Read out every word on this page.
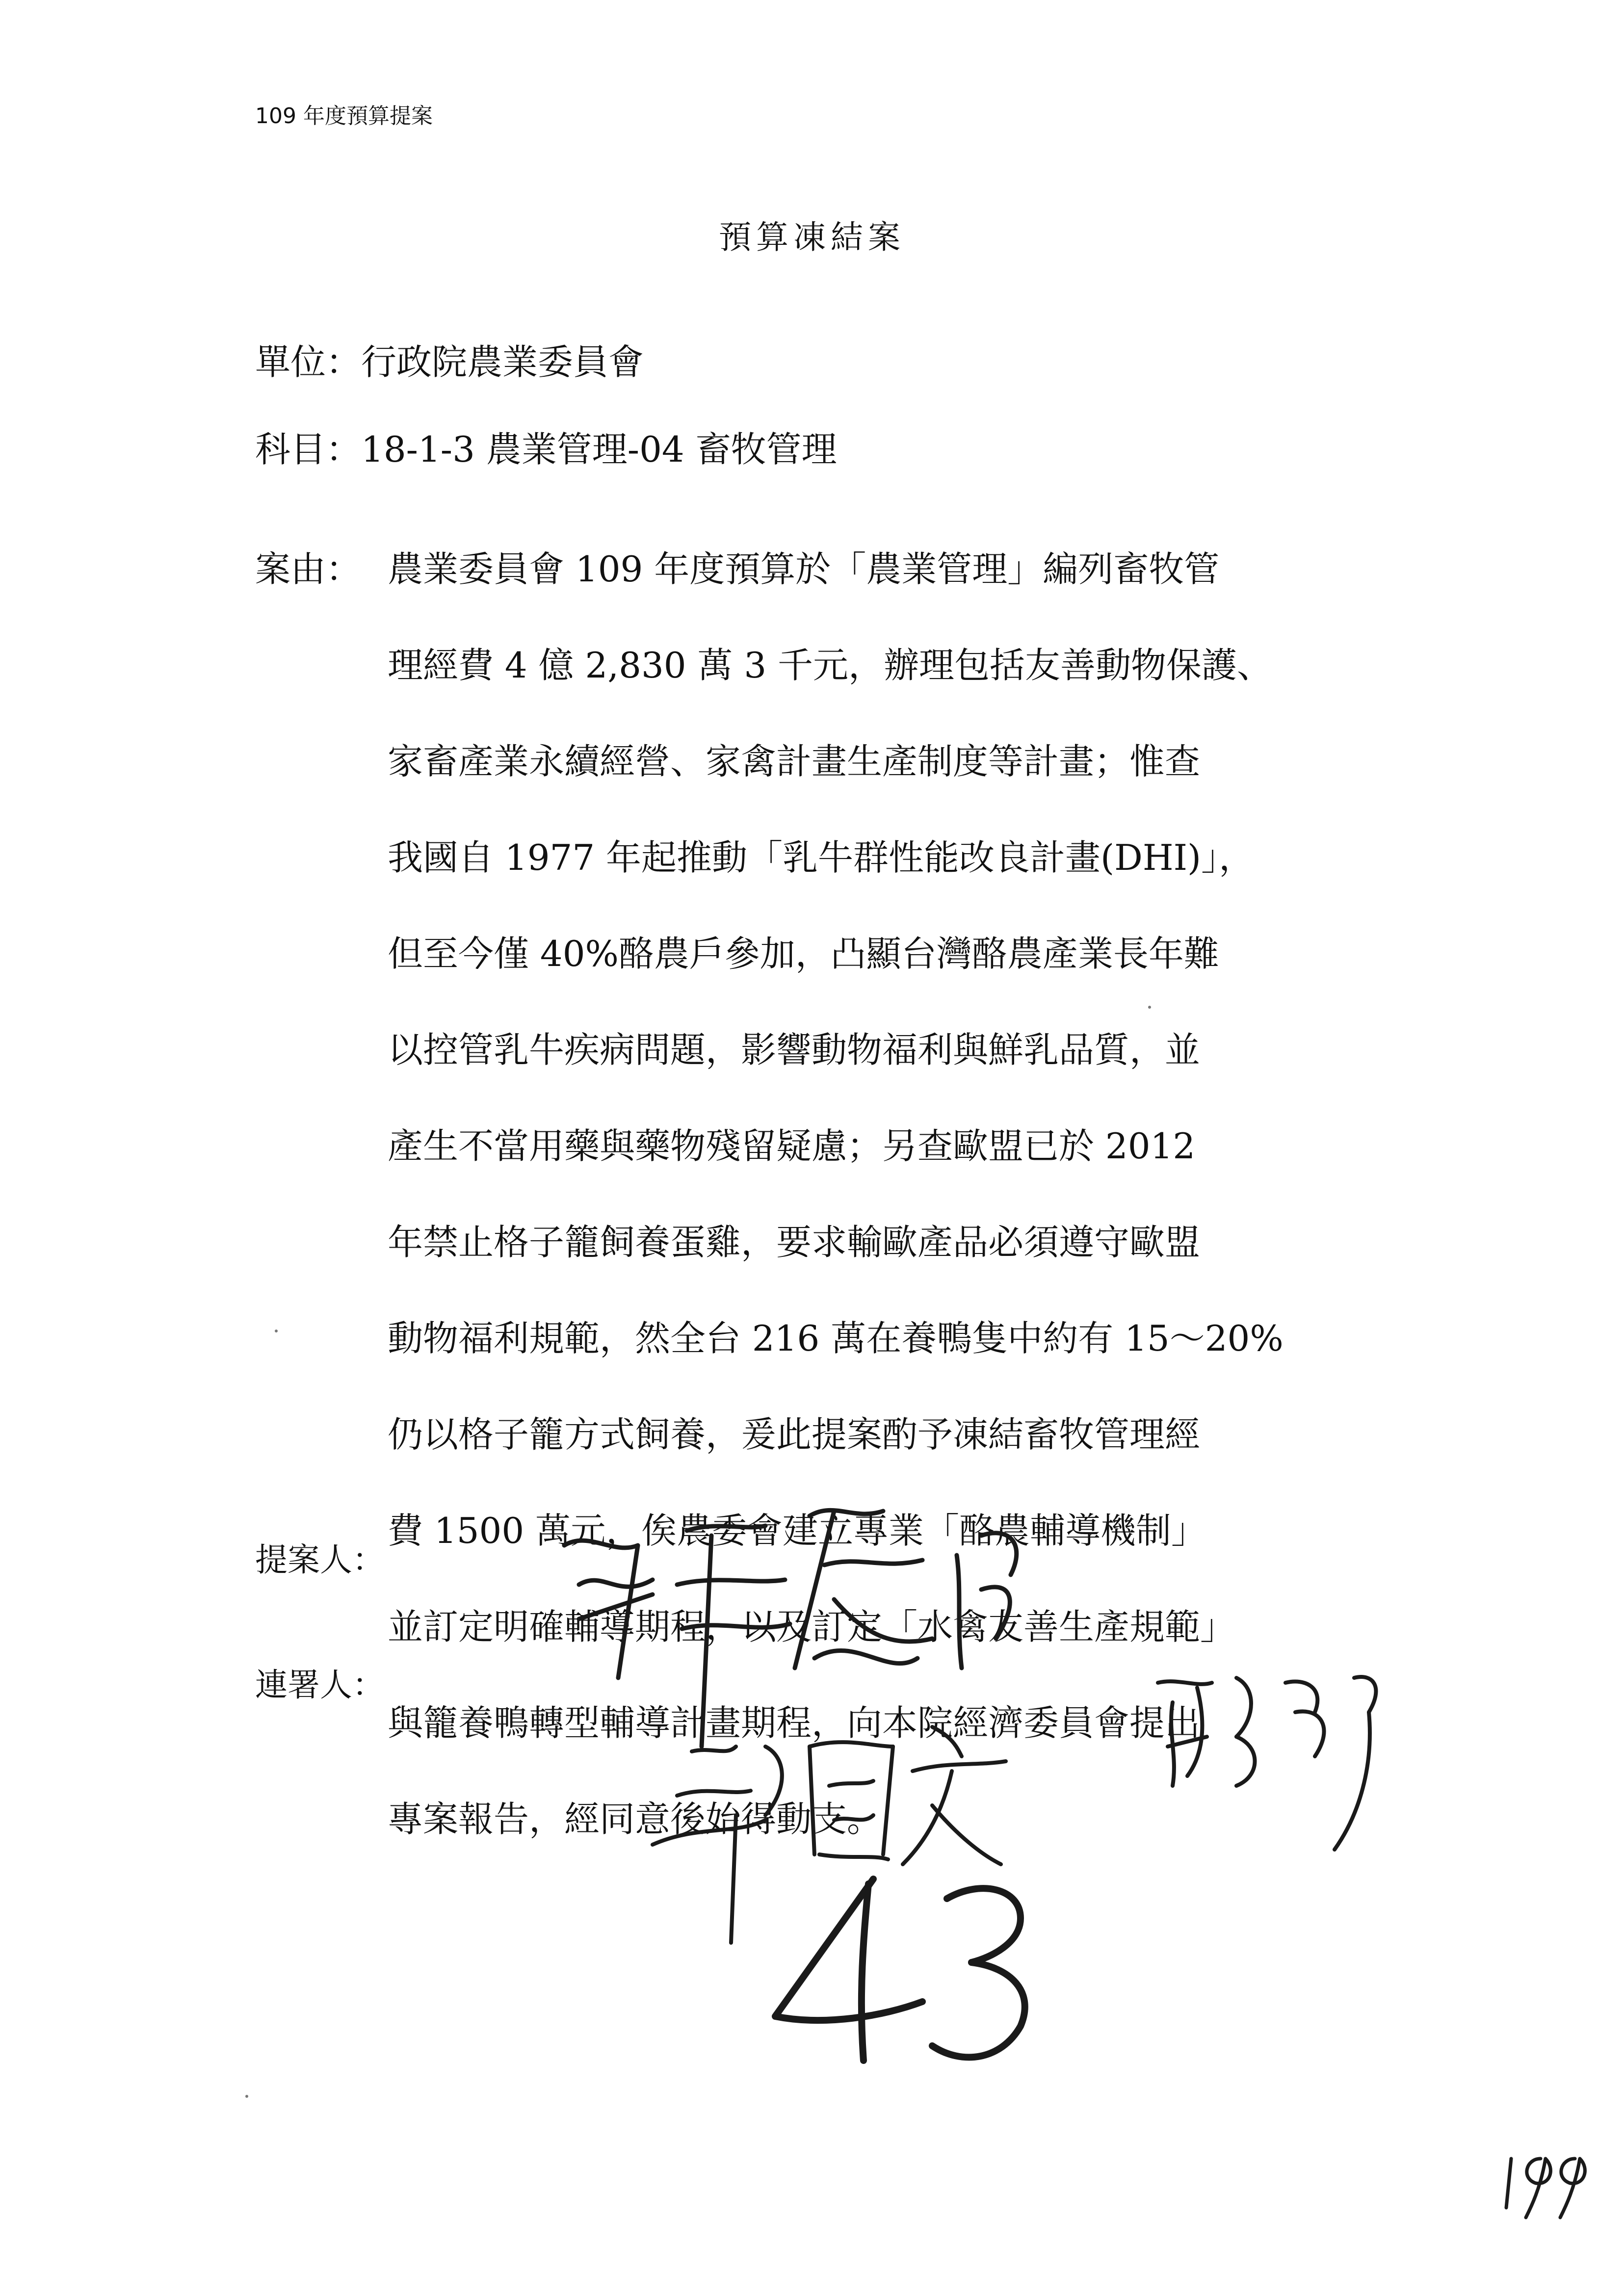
109 年度預算提案
預算凍結案
單位：行政院農業委員會
科目：18-1-3 農業管理-04 畜牧管理
案由： 農業委員會 109 年度預算於「農業管理」編列畜牧管
理經費 4 億 2,830 萬 3 千元，辦理包括友善動物保護、
家畜產業永續經營、家禽計畫生產制度等計畫；惟查
我國自 1977 年起推動「乳牛群性能改良計畫(DHI)」，
但至今僅 40%酪農戶參加，凸顯台灣酪農產業長年難
以控管乳牛疾病問題，影響動物福利與鮮乳品質，並
產生不當用藥與藥物殘留疑慮；另查歐盟已於 2012
年禁止格子籠飼養蛋雞，要求輸歐產品必須遵守歐盟
動物福利規範，然全台 216 萬在養鴨隻中約有 15～20%
仍以格子籠方式飼養，爰此提案酌予凍結畜牧管理經
費 1500 萬元，俟農委會建立專業「酪農輔導機制」
並訂定明確輔導期程，以及訂定「水禽友善生產規範」
與籠養鴨轉型輔導計畫期程，向本院經濟委員會提出
專案報告，經同意後始得動支。
提案人：
連署人：
